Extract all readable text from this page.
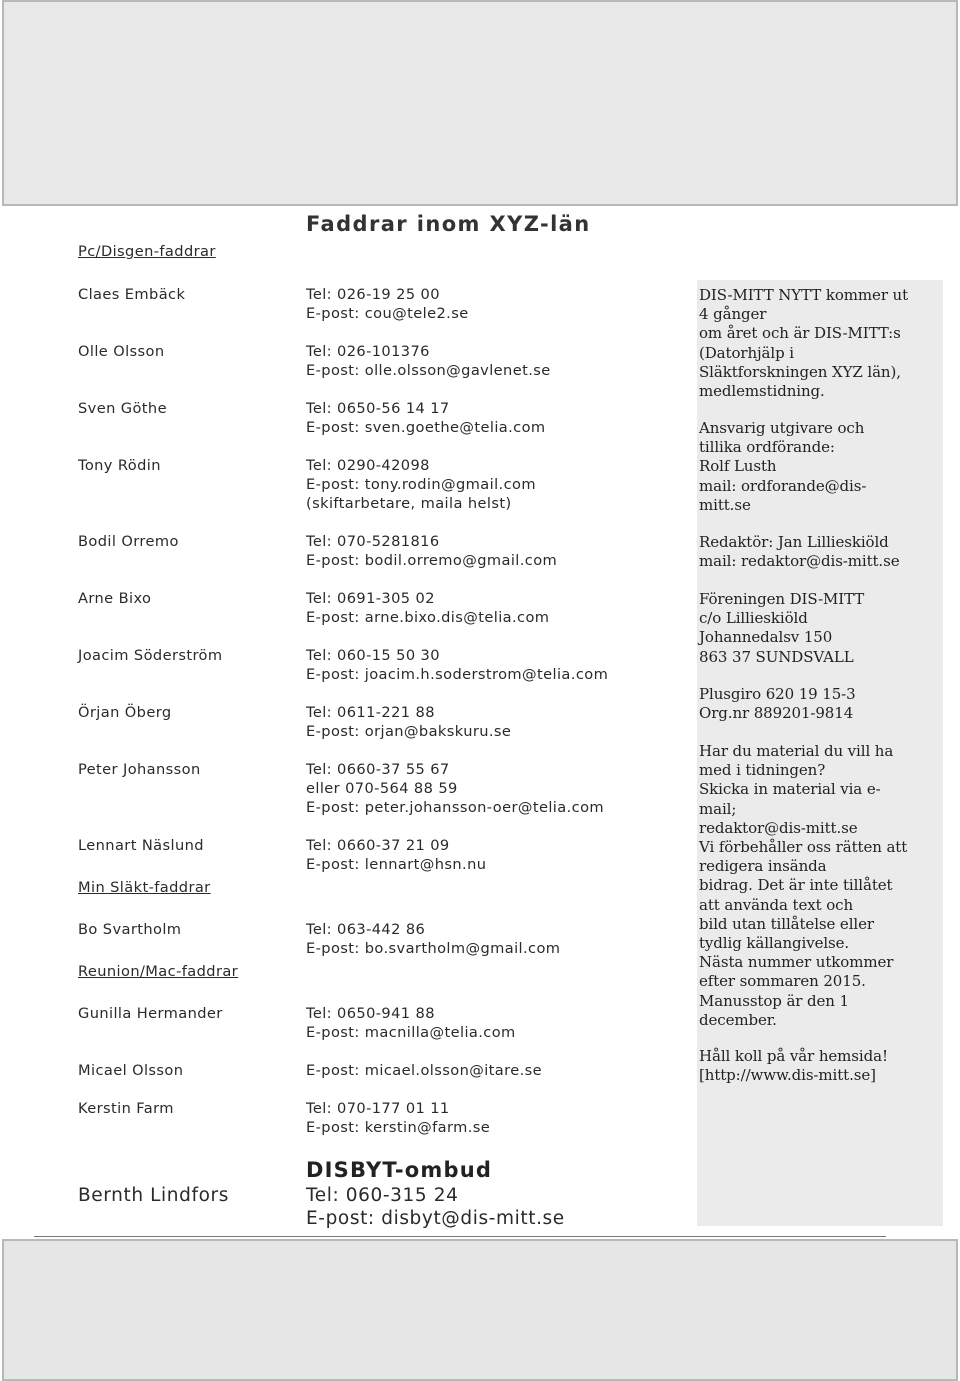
Faddrar inom XYZ-län
Pc/Disgen-faddrar
Claes Embäck	Tel: 026-19 25 00
E-post: cou@tele2.se
Olle Olsson	Tel: 026-101376
E-post: olle.olsson@gavlenet.se
Sven Göthe	Tel: 0650-56 14 17
E-post: sven.goethe@telia.com
Tony Rödin	Tel: 0290-42098
E-post: tony.rodin@gmail.com
(skiftarbetare, maila helst)
Bodil Orremo	Tel: 070-5281816
E-post: bodil.orremo@gmail.com
Arne Bixo	Tel: 0691-305 02
E-post: arne.bixo.dis@telia.com
Joacim Söderström	Tel: 060-15 50 30
E-post: joacim.h.soderstrom@telia.com
Örjan Öberg	Tel: 0611-221 88
E-post: orjan@bakskuru.se
Peter Johansson	Tel: 0660-37 55 67
eller 070-564 88 59
E-post: peter.johansson-oer@telia.com
Lennart Näslund	Tel: 0660-37 21 09
E-post: lennart@hsn.nu
Min Släkt-faddrar
Bo Svartholm	Tel: 063-442 86
E-post: bo.svartholm@gmail.com
Reunion/Mac-faddrar
Gunilla Hermander	Tel: 0650-941 88
E-post: macnilla@telia.com
Micael Olsson	E-post: micael.olsson@itare.se
Kerstin Farm	Tel: 070-177 01 11
E-post: kerstin@farm.se
DISBYT-ombud
Bernth Lindfors	Tel: 060-315 24
E-post: disbyt@dis-mitt.se
DIS-MITT NYTT kommer ut
4 gånger
om året och är DIS-MITT:s
(Datorhjälp i
Släktforskningen XYZ län),
medlemstidning.
Ansvarig utgivare och
tillika ordförande:
Rolf Lusth
mail: ordforande@dis-
mitt.se
Redaktör: Jan Lillieskiöld
mail: redaktor@dis-mitt.se
Föreningen DIS-MITT
c/o Lillieskiöld
Johannedalsv 150
863 37 SUNDSVALL
Plusgiro 620 19 15-3
Org.nr 889201-9814
Har du material du vill ha
med i tidningen?
Skicka in material via e-
mail;
redaktor@dis-mitt.se
Vi förbehåller oss rätten att
redigera insända
bidrag. Det är inte tillåtet
att använda text och
bild utan tillåtelse eller
tydlig källangivelse.
Nästa nummer utkommer
efter sommaren 2015.
Manusstop är den 1
december.
Håll koll på vår hemsida!
[http://www.dis-mitt.se]
